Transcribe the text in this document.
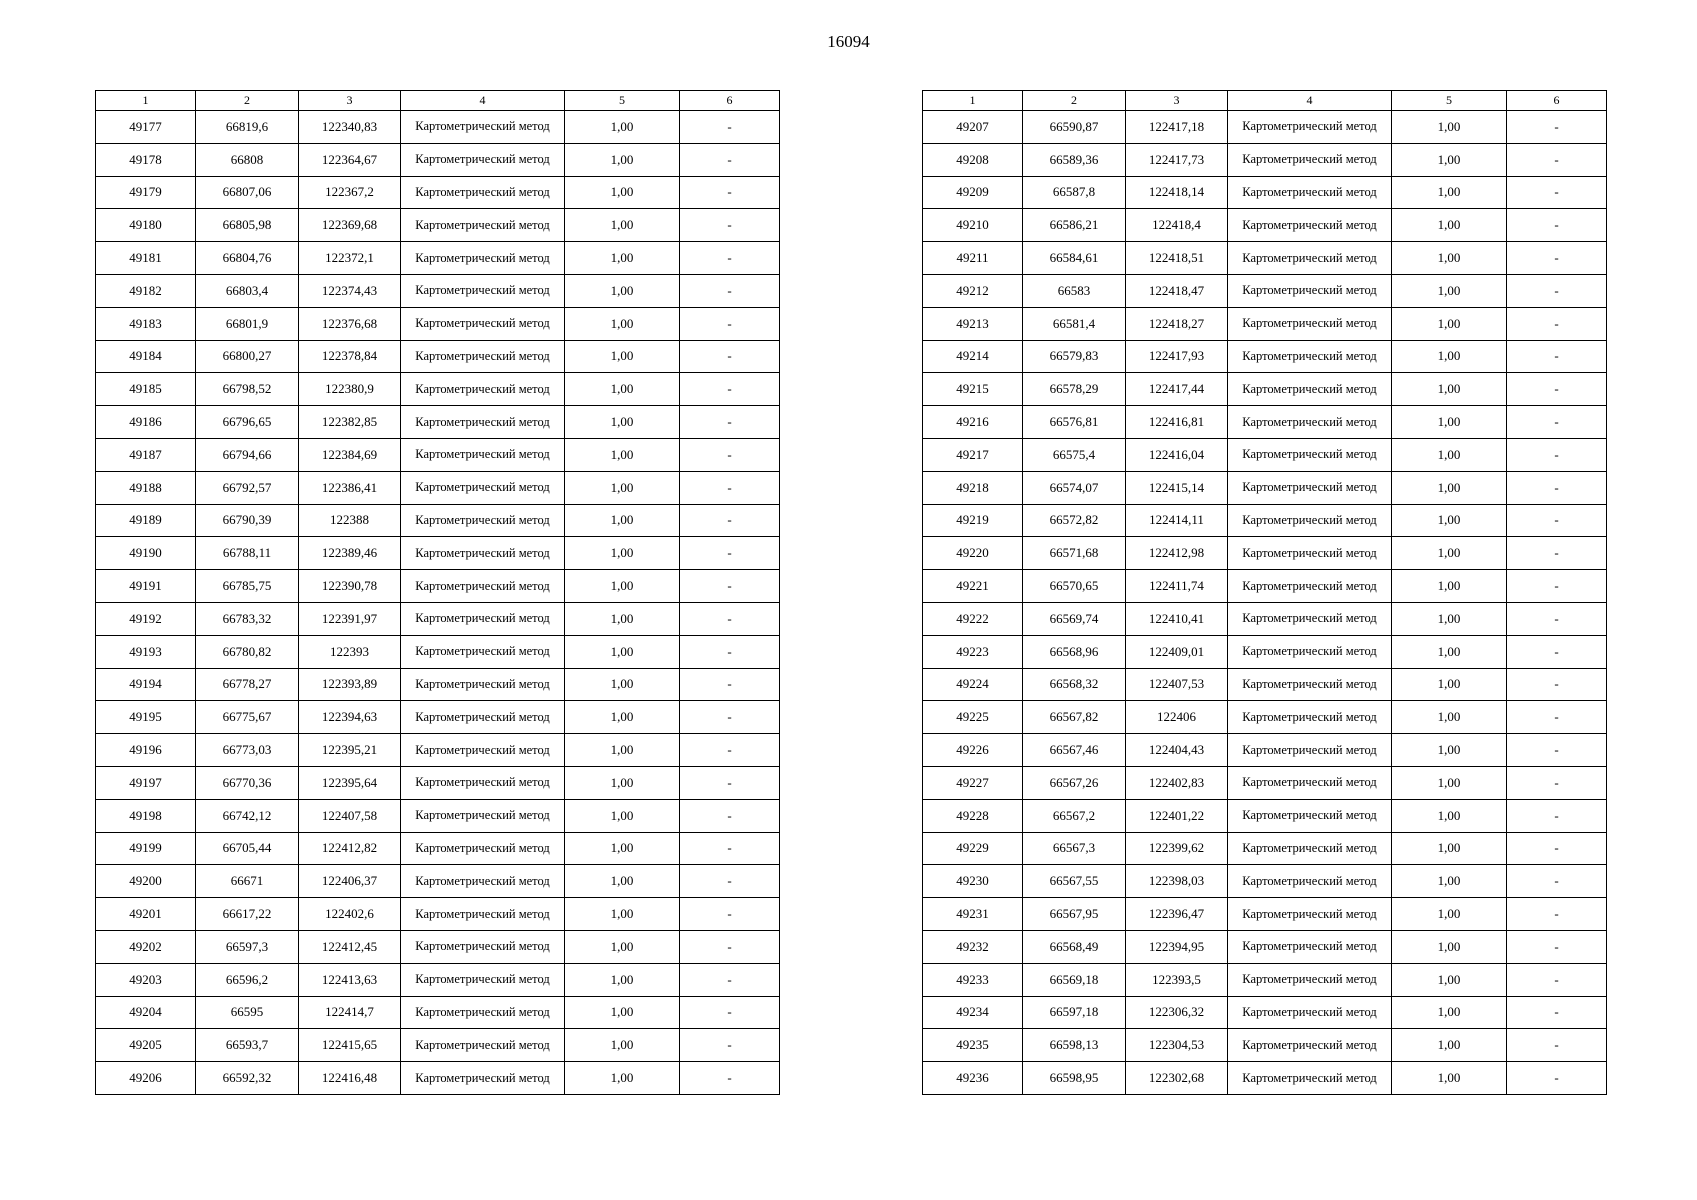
16094
1	2	3	4	5	6
49177	66819,6	122340,83	Картометрический метод	1,00	-
49178	66808	122364,67	Картометрический метод	1,00	-
49179	66807,06	122367,2	Картометрический метод	1,00	-
49180	66805,98	122369,68	Картометрический метод	1,00	-
49181	66804,76	122372,1	Картометрический метод	1,00	-
49182	66803,4	122374,43	Картометрический метод	1,00	-
49183	66801,9	122376,68	Картометрический метод	1,00	-
49184	66800,27	122378,84	Картометрический метод	1,00	-
49185	66798,52	122380,9	Картометрический метод	1,00	-
49186	66796,65	122382,85	Картометрический метод	1,00	-
49187	66794,66	122384,69	Картометрический метод	1,00	-
49188	66792,57	122386,41	Картометрический метод	1,00	-
49189	66790,39	122388	Картометрический метод	1,00	-
49190	66788,11	122389,46	Картометрический метод	1,00	-
49191	66785,75	122390,78	Картометрический метод	1,00	-
49192	66783,32	122391,97	Картометрический метод	1,00	-
49193	66780,82	122393	Картометрический метод	1,00	-
49194	66778,27	122393,89	Картометрический метод	1,00	-
49195	66775,67	122394,63	Картометрический метод	1,00	-
49196	66773,03	122395,21	Картометрический метод	1,00	-
49197	66770,36	122395,64	Картометрический метод	1,00	-
49198	66742,12	122407,58	Картометрический метод	1,00	-
49199	66705,44	122412,82	Картометрический метод	1,00	-
49200	66671	122406,37	Картометрический метод	1,00	-
49201	66617,22	122402,6	Картометрический метод	1,00	-
49202	66597,3	122412,45	Картометрический метод	1,00	-
49203	66596,2	122413,63	Картометрический метод	1,00	-
49204	66595	122414,7	Картометрический метод	1,00	-
49205	66593,7	122415,65	Картометрический метод	1,00	-
49206	66592,32	122416,48	Картометрический метод	1,00	-
1	2	3	4	5	6
49207	66590,87	122417,18	Картометрический метод	1,00	-
49208	66589,36	122417,73	Картометрический метод	1,00	-
49209	66587,8	122418,14	Картометрический метод	1,00	-
49210	66586,21	122418,4	Картометрический метод	1,00	-
49211	66584,61	122418,51	Картометрический метод	1,00	-
49212	66583	122418,47	Картометрический метод	1,00	-
49213	66581,4	122418,27	Картометрический метод	1,00	-
49214	66579,83	122417,93	Картометрический метод	1,00	-
49215	66578,29	122417,44	Картометрический метод	1,00	-
49216	66576,81	122416,81	Картометрический метод	1,00	-
49217	66575,4	122416,04	Картометрический метод	1,00	-
49218	66574,07	122415,14	Картометрический метод	1,00	-
49219	66572,82	122414,11	Картометрический метод	1,00	-
49220	66571,68	122412,98	Картометрический метод	1,00	-
49221	66570,65	122411,74	Картометрический метод	1,00	-
49222	66569,74	122410,41	Картометрический метод	1,00	-
49223	66568,96	122409,01	Картометрический метод	1,00	-
49224	66568,32	122407,53	Картометрический метод	1,00	-
49225	66567,82	122406	Картометрический метод	1,00	-
49226	66567,46	122404,43	Картометрический метод	1,00	-
49227	66567,26	122402,83	Картометрический метод	1,00	-
49228	66567,2	122401,22	Картометрический метод	1,00	-
49229	66567,3	122399,62	Картометрический метод	1,00	-
49230	66567,55	122398,03	Картометрический метод	1,00	-
49231	66567,95	122396,47	Картометрический метод	1,00	-
49232	66568,49	122394,95	Картометрический метод	1,00	-
49233	66569,18	122393,5	Картометрический метод	1,00	-
49234	66597,18	122306,32	Картометрический метод	1,00	-
49235	66598,13	122304,53	Картометрический метод	1,00	-
49236	66598,95	122302,68	Картометрический метод	1,00	-
